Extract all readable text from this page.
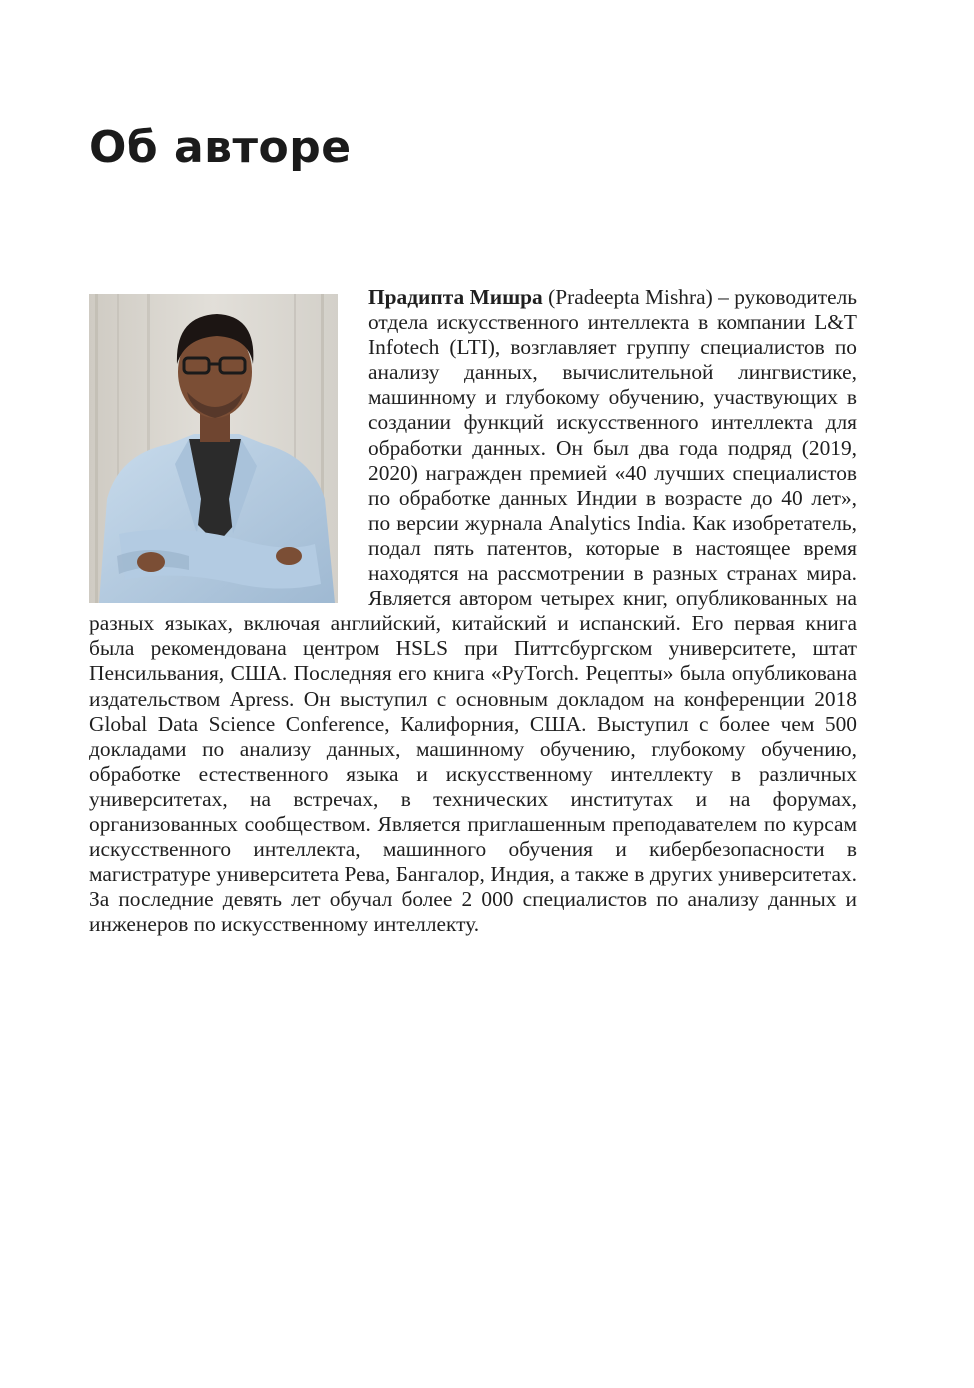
Об авторе

Прадипта Мишра (Pradeepta Mishra) – руководитель отдела искусственного интеллекта в компании L&T Infotech (LTI), возглавляет группу специалистов по анализу данных, вычислительной лингвистике, машинному и глубокому обучению, участвующих в создании функций искусственного интеллекта для обработки данных. Он был два года подряд (2019, 2020) награжден премией «40 лучших специалистов по обработке данных Индии в возрасте до 40 лет», по версии журнала Analytics India. Как изобретатель, подал пять патентов, которые в настоящее время находятся на рассмотрении в разных странах мира. Является автором четырех книг, опубликованных на разных языках, включая английский, китайский и испанский. Его первая книга была рекомендована центром HSLS при Питтсбургском университете, штат Пенсильвания, США. Последняя его книга «PyTorch. Рецепты» была опубликована издательством Apress. Он выступил с основным докладом на конференции 2018 Global Data Science Conference, Калифорния, США. Выступил с более чем 500 докладами по анализу данных, машинному обучению, глубокому обучению, обработке естественного языка и искусственному интеллекту в различных университетах, на встречах, в технических институтах и на форумах, организованных сообществом. Является приглашенным преподавателем по курсам искусственного интеллекта, машинного обучения и кибербезопасности в магистратуре университета Рева, Бангалор, Индия, а также в других университетах. За последние девять лет обучал более 2 000 специалистов по анализу данных и инженеров по искусственному интеллекту.
